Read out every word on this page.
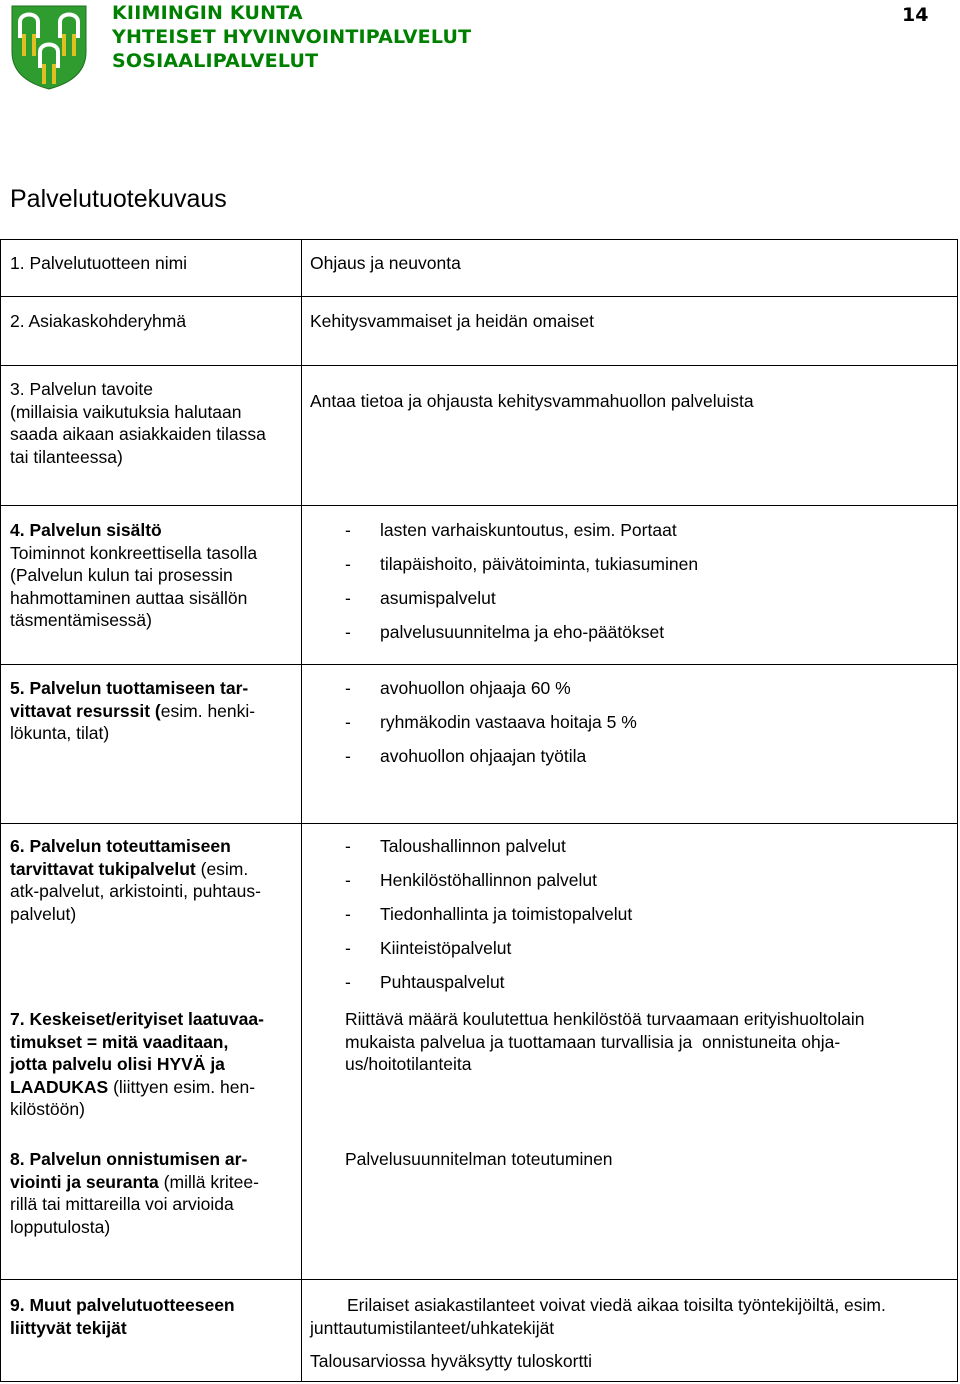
KIIMINGIN KUNTA
YHTEISET HYVINVOINTIPALVELUT
SOSIAALIPALVELUT
14
Palvelutuotekuvaus
1. Palvelutuotteen nimi	Ohjaus ja neuvonta
2. Asiakaskohderyhmä	Kehitysvammaiset ja heidän omaiset
3. Palvelun tavoite
(millaisia vaikutuksia halutaan
saada aikaan asiakkaiden tilassa
tai tilanteessa)
Antaa tietoa ja ohjausta kehitysvammahuollon palveluista
4. Palvelun sisältö
Toiminnot konkreettisella tasolla
(Palvelun kulun tai prosessin
hahmottaminen auttaa sisällön
täsmentämisessä)
- lasten varhaiskuntoutus, esim. Portaat
- tilapäishoito, päivätoiminta, tukiasuminen
- asumispalvelut
- palvelusuunnitelma ja eho-päätökset
5. Palvelun tuottamiseen tar-
vittavat resurssit (esim. henki-
lökunta, tilat)
- avohuollon ohjaaja 60 %
- ryhmäkodin vastaava hoitaja 5 %
- avohuollon ohjaajan työtila
6. Palvelun toteuttamiseen
tarvittavat tukipalvelut (esim.
atk-palvelut, arkistointi, puhtaus-
palvelut)
- Taloushallinnon palvelut
- Henkilöstöhallinnon palvelut
- Tiedonhallinta ja toimistopalvelut
- Kiinteistöpalvelut
- Puhtauspalvelut
7. Keskeiset/erityiset laatuvaa-
timukset = mitä vaaditaan,
jotta palvelu olisi HYVÄ ja
LAADUKAS (liittyen esim. hen-
kilöstöön)
Riittävä määrä koulutettua henkilöstöä turvaamaan erityishuoltolain
mukaista palvelua ja tuottamaan turvallisia ja  onnistuneita ohja-
us/hoitotilanteita
8. Palvelun onnistumisen ar-
viointi ja seuranta (millä kritee-
rillä tai mittareilla voi arvioida
lopputulosta)
Palvelusuunnitelman toteutuminen
9. Muut palvelutuotteeseen
liittyvät tekijät
Erilaiset asiakastilanteet voivat viedä aikaa toisilta työntekijöiltä, esim.
junttautumistilanteet/uhkatekijät
Talousarviossa hyväksytty tuloskortti
